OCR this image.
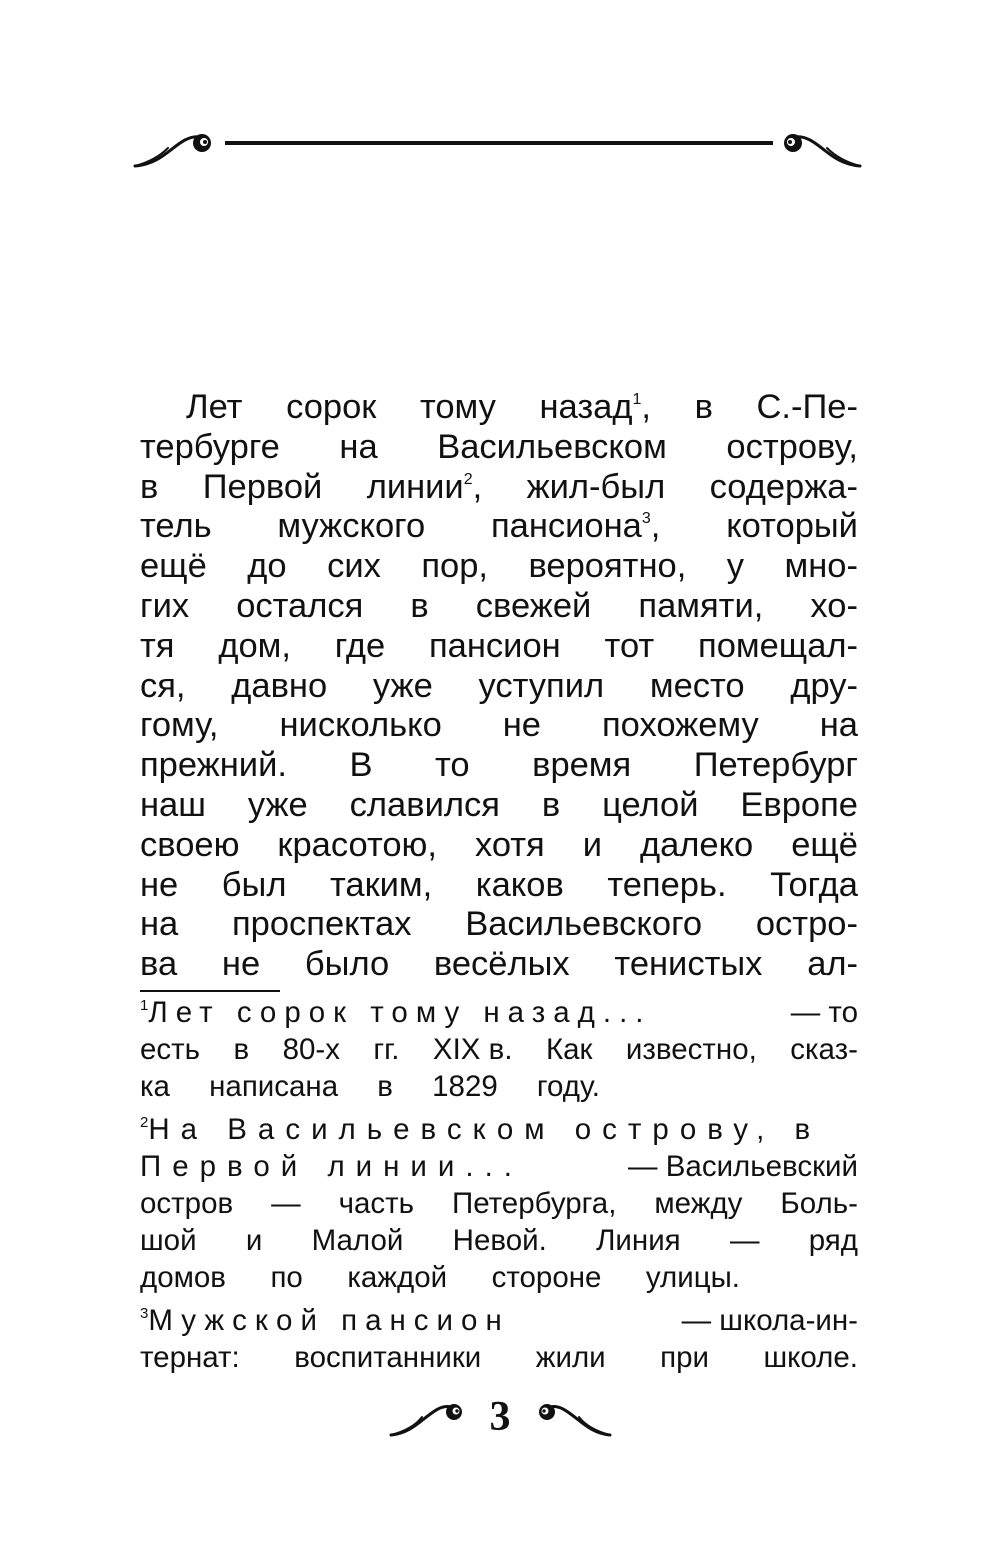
Лет сорок тому назад$^1$, в С.-Пе-
тербурге на Васильевском острову,
в Первой линии$^2$, жил-был содержа-
тель мужского пансиона$^3$, который
ещё до сих пор, вероятно, у мно-
гих остался в свежей памяти, хо-
тя дом, где пансион тот помещал-
ся, давно уже уступил место дру-
гому, нисколько не похожему на
прежний. В то время Петербург
наш уже славился в целой Европе
своею красотою, хотя и далеко ещё
не был таким, каков теперь. Тогда
на проспектах Васильевского остро-
ва не было весёлых тенистых ал-
$^1$Лет сорок тому назад...	— то
есть в 80-х гг. XIX в. Как известно, сказ-
ка написана в 1829 году.
$^2$На Васильевском острову, в
Первой линии...	— Васильевский
остров — часть Петербурга, между Боль-
шой и Малой Невой. Линия — ряд
домов по каждой стороне улицы.
$^3$Мужской пансион	— школа-ин-
тернат: воспитанники жили при школе.
3
